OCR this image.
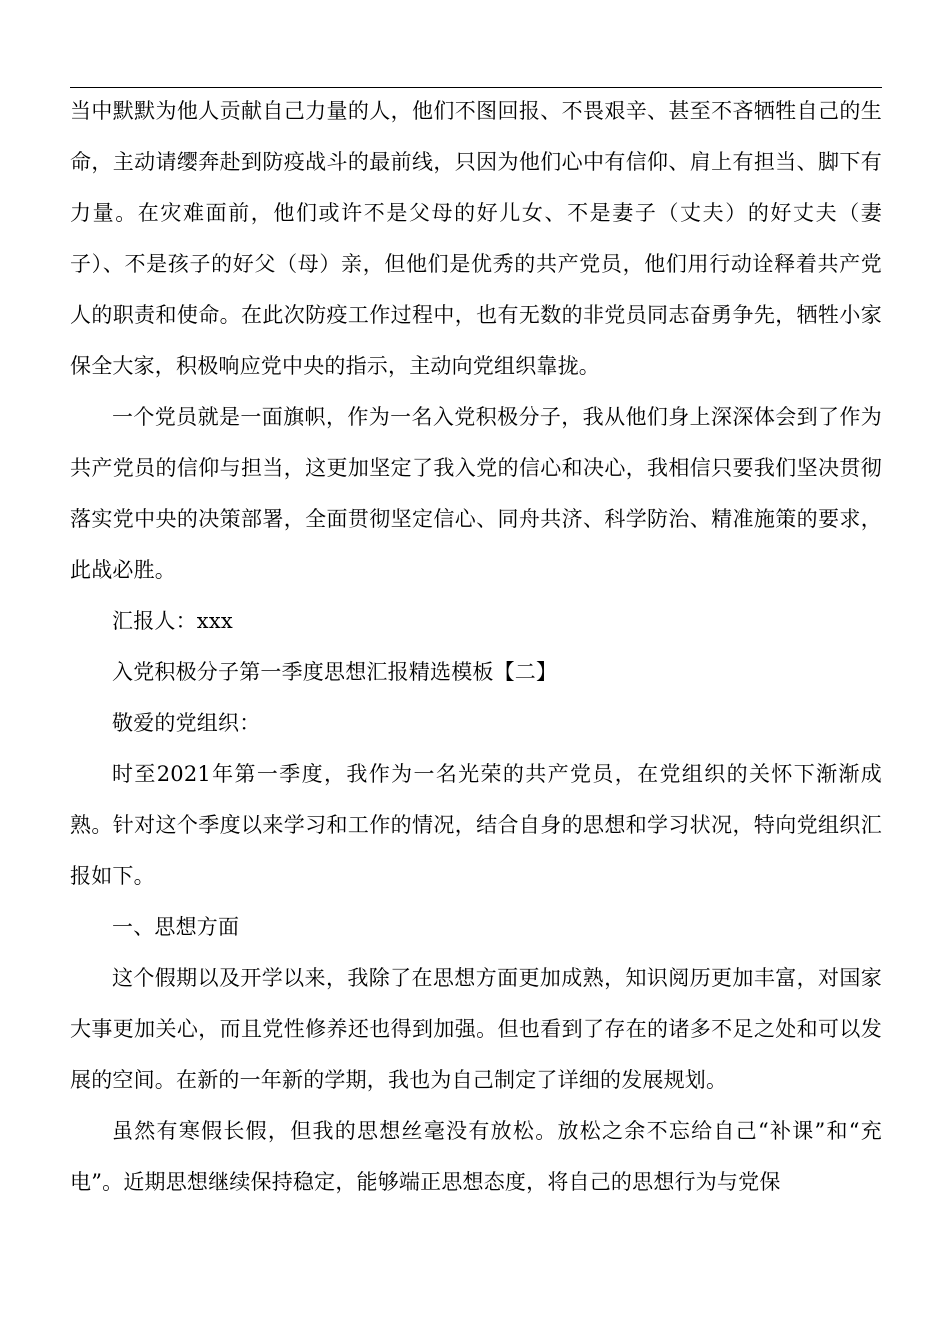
当中默默为他人贡献自己力量的人，他们不图回报、不畏艰辛、甚至不吝牺牲自己的生命，主动请缨奔赴到防疫战斗的最前线，只因为他们心中有信仰、肩上有担当、脚下有力量。在灾难面前，他们或许不是父母的好儿女、不是妻子（丈夫）的好丈夫（妻子）、不是孩子的好父（母）亲，但他们是优秀的共产党员，他们用行动诠释着共产党人的职责和使命。在此次防疫工作过程中，也有无数的非党员同志奋勇争先，牺牲小家保全大家，积极响应党中央的指示，主动向党组织靠拢。

一个党员就是一面旗帜，作为一名入党积极分子，我从他们身上深深体会到了作为共产党员的信仰与担当，这更加坚定了我入党的信心和决心，我相信只要我们坚决贯彻落实党中央的决策部署，全面贯彻坚定信心、同舟共济、科学防治、精准施策的要求，此战必胜。

汇报人：xxx

入党积极分子第一季度思想汇报精选模板【二】

敬爱的党组织：

时至2021年第一季度，我作为一名光荣的共产党员，在党组织的关怀下渐渐成熟。针对这个季度以来学习和工作的情况，结合自身的思想和学习状况，特向党组织汇报如下。

一、思想方面

这个假期以及开学以来，我除了在思想方面更加成熟，知识阅历更加丰富，对国家大事更加关心，而且党性修养还也得到加强。但也看到了存在的诸多不足之处和可以发展的空间。在新的一年新的学期，我也为自己制定了详细的发展规划。

虽然有寒假长假，但我的思想丝毫没有放松。放松之余不忘给自己“补课”和“充电”。近期思想继续保持稳定，能够端正思想态度，将自己的思想行为与党保
